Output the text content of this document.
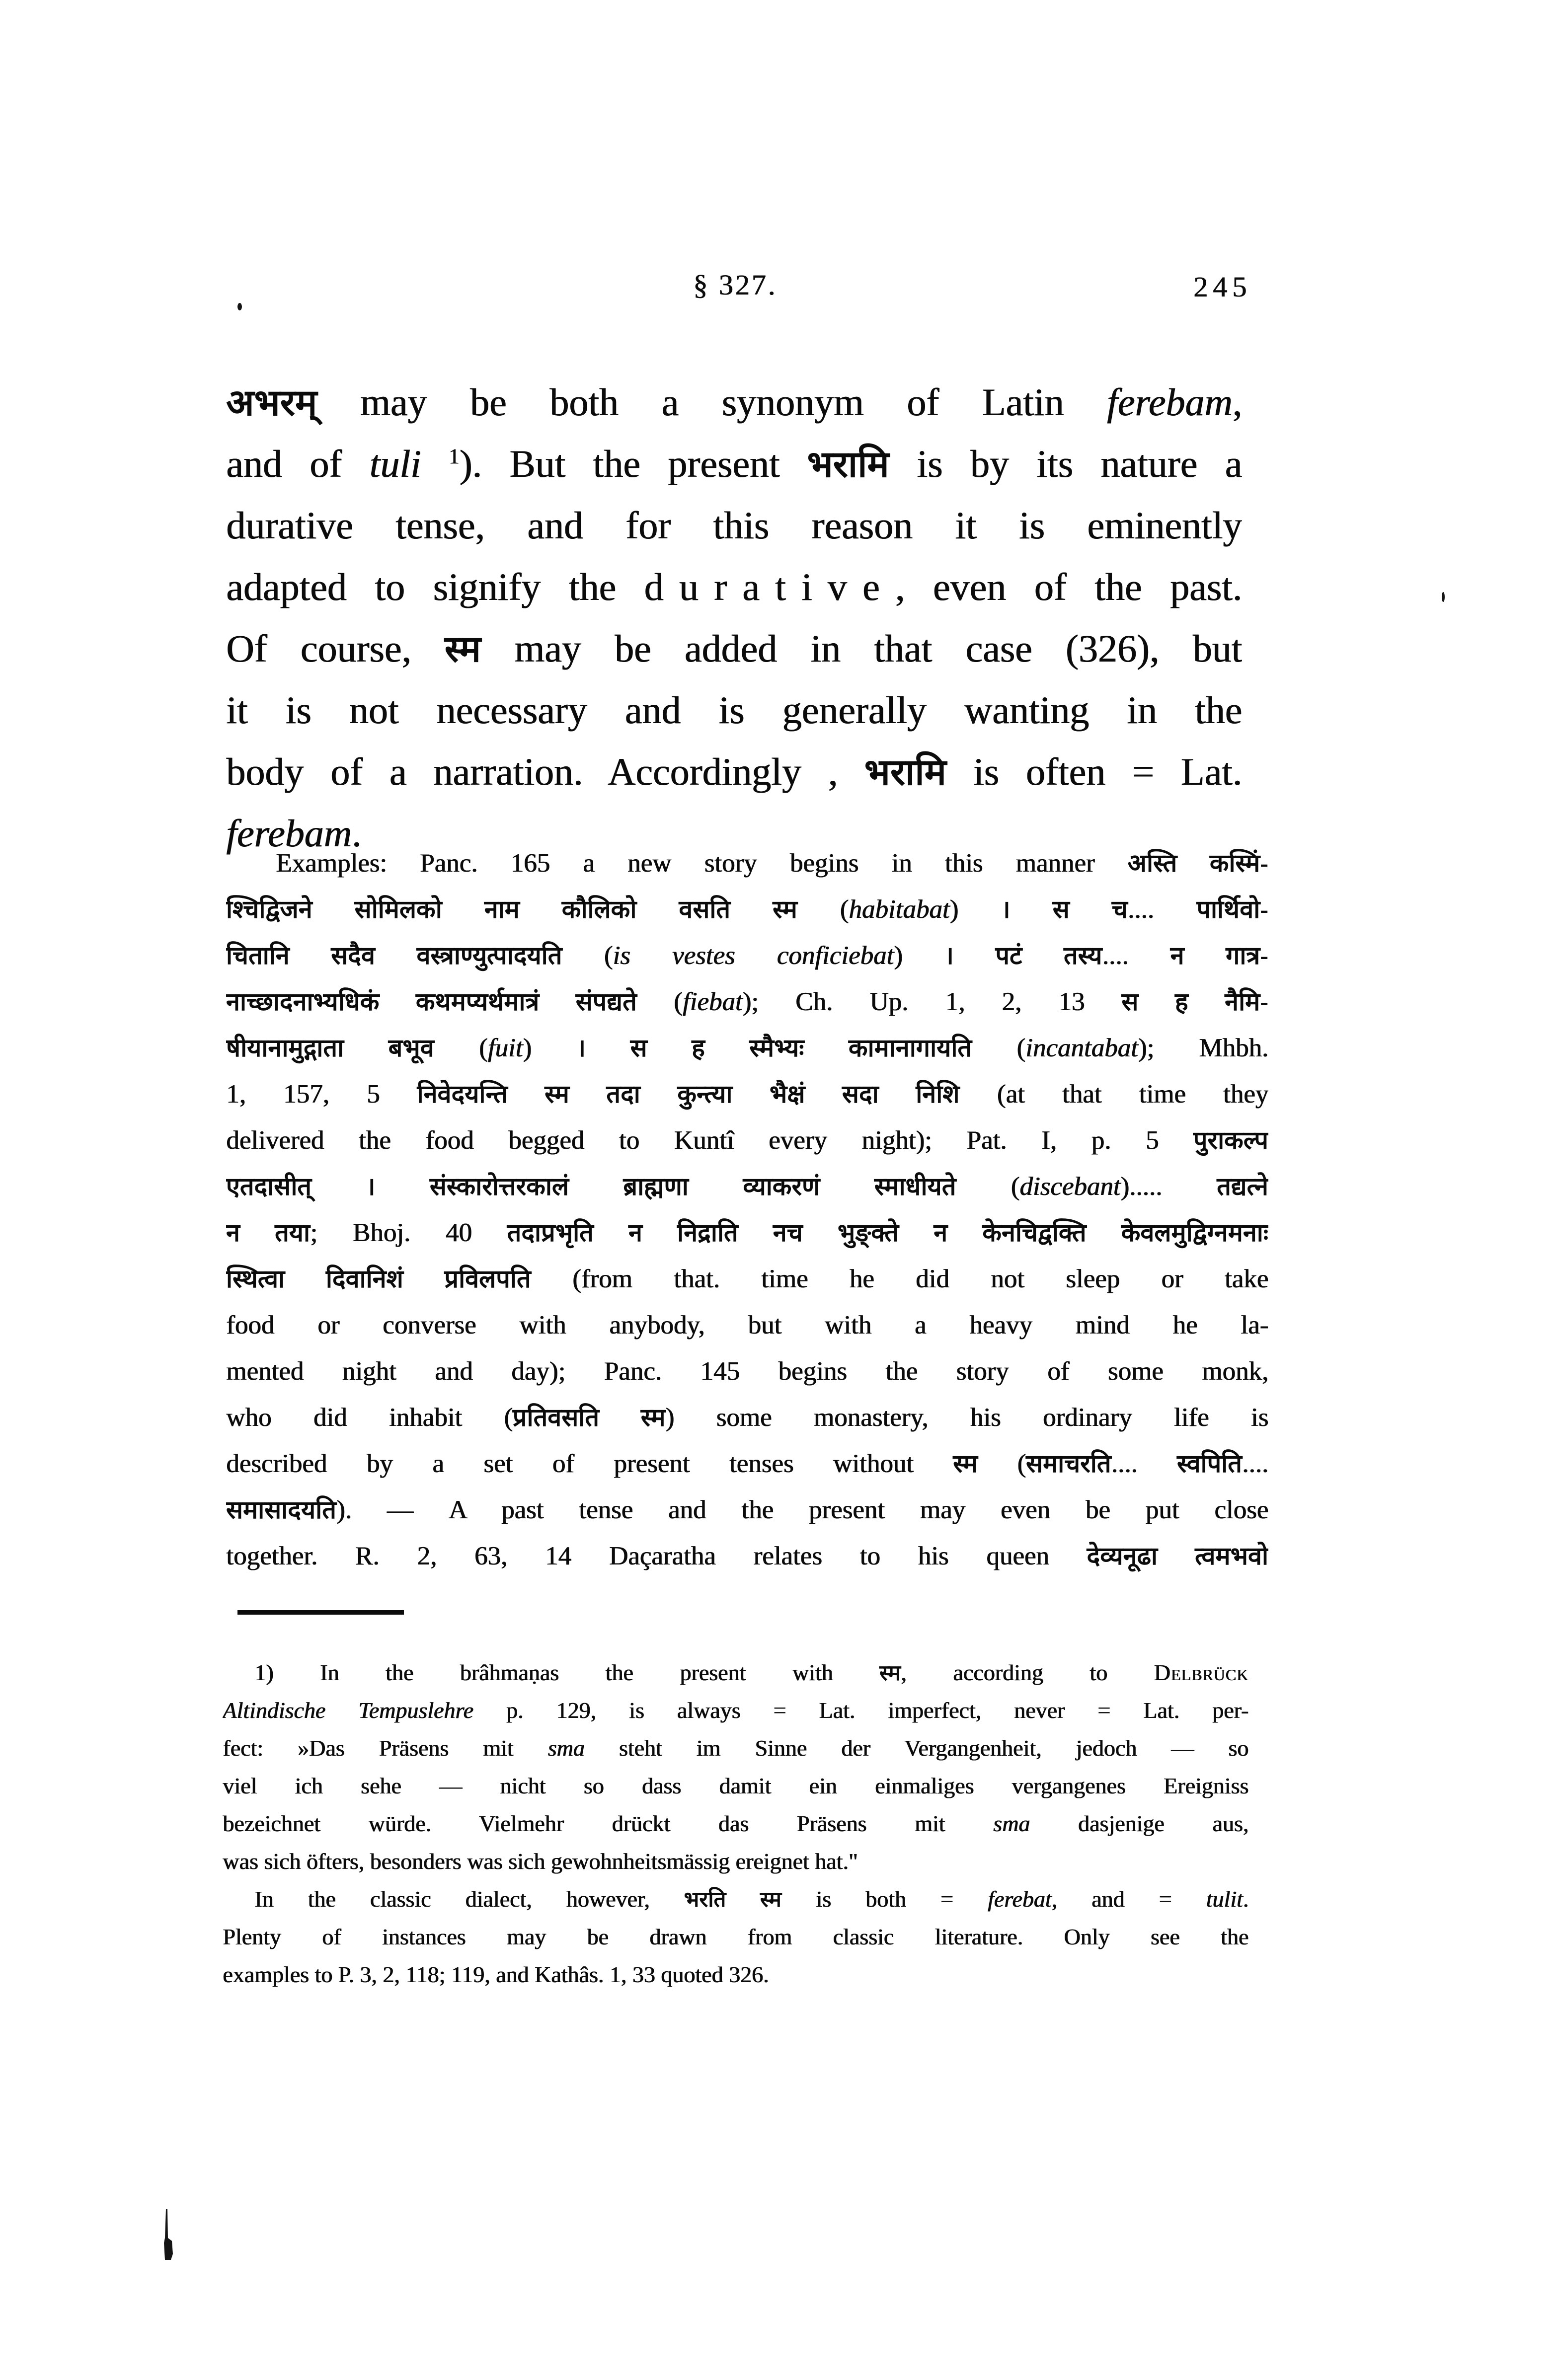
§ 327.	245
अभरम् may be both a synonym of Latin ferebam,
and of tuli $^1$). But the present भरामि is by its nature a
durative tense, and for this reason it is eminently
adapted to signify the durative, even of the past.
Of course, स्म may be added in that case (326), but
it is not necessary and is generally wanting in the
body of a narration. Accordingly , भरामि is often = Lat.
ferebam.
Examples: Panc. 165 a new story begins in this manner अस्ति कस्मिं-
श्चिद्विजने सोमिलको नाम कौलिको वसति स्म (habitabat) । स च.... पार्थिवो-
चितानि सदैव वस्त्राण्युत्पादयति (is vestes conficiebat) । पटं तस्य.... न गात्र-
नाच्छादनाभ्यधिकं कथमप्यर्थमात्रं संपद्यते (fiebat); Ch. Up. 1, 2, 13 स ह नैमि-
षीयानामुद्गाता बभूव (fuit) । स ह स्मैभ्यः कामानागायति (incantabat); Mhbh.
1, 157, 5 निवेदयन्ति स्म तदा कुन्त्या भैक्षं सदा निशि (at that time they
delivered the food begged to Kuntî every night); Pat. I, p. 5 पुराकल्प
एतदासीत् । संस्कारोत्तरकालं ब्राह्मणा व्याकरणं स्माधीयते (discebant)..... तद्यत्ने
न तया; Bhoj. 40 तदाप्रभृति न निद्राति नच भुङ्क्ते न केनचिद्वक्ति केवलमुद्विग्नमनाः
स्थित्वा दिवानिशं प्रविलपति (from that. time he did not sleep or take
food or converse with anybody, but with a heavy mind he la-
mented night and day); Panc. 145 begins the story of some monk,
who did inhabit (प्रतिवसति स्म) some monastery, his ordinary life is
described by a set of present tenses without स्म (समाचरति.... स्वपिति....
समासादयति). — A past tense and the present may even be put close
together. R. 2, 63, 14 Daçaratha relates to his queen देव्यनूढा त्वमभवो
1) In the brâhmaṇas the present with स्म, according to Delbrück
Altindische Tempuslehre p. 129, is always = Lat. imperfect, never = Lat. per-
fect: »Das Präsens mit sma steht im Sinne der Vergangenheit, jedoch — so
viel ich sehe — nicht so dass damit ein einmaliges vergangenes Ereigniss
bezeichnet würde. Vielmehr drückt das Präsens mit sma dasjenige aus,
was sich öfters, besonders was sich gewohnheitsmässig ereignet hat."
In the classic dialect, however, भरति स्म is both = ferebat, and = tulit.
Plenty of instances may be drawn from classic literature. Only see the
examples to P. 3, 2, 118; 119, and Kathâs. 1, 33 quoted 326.
